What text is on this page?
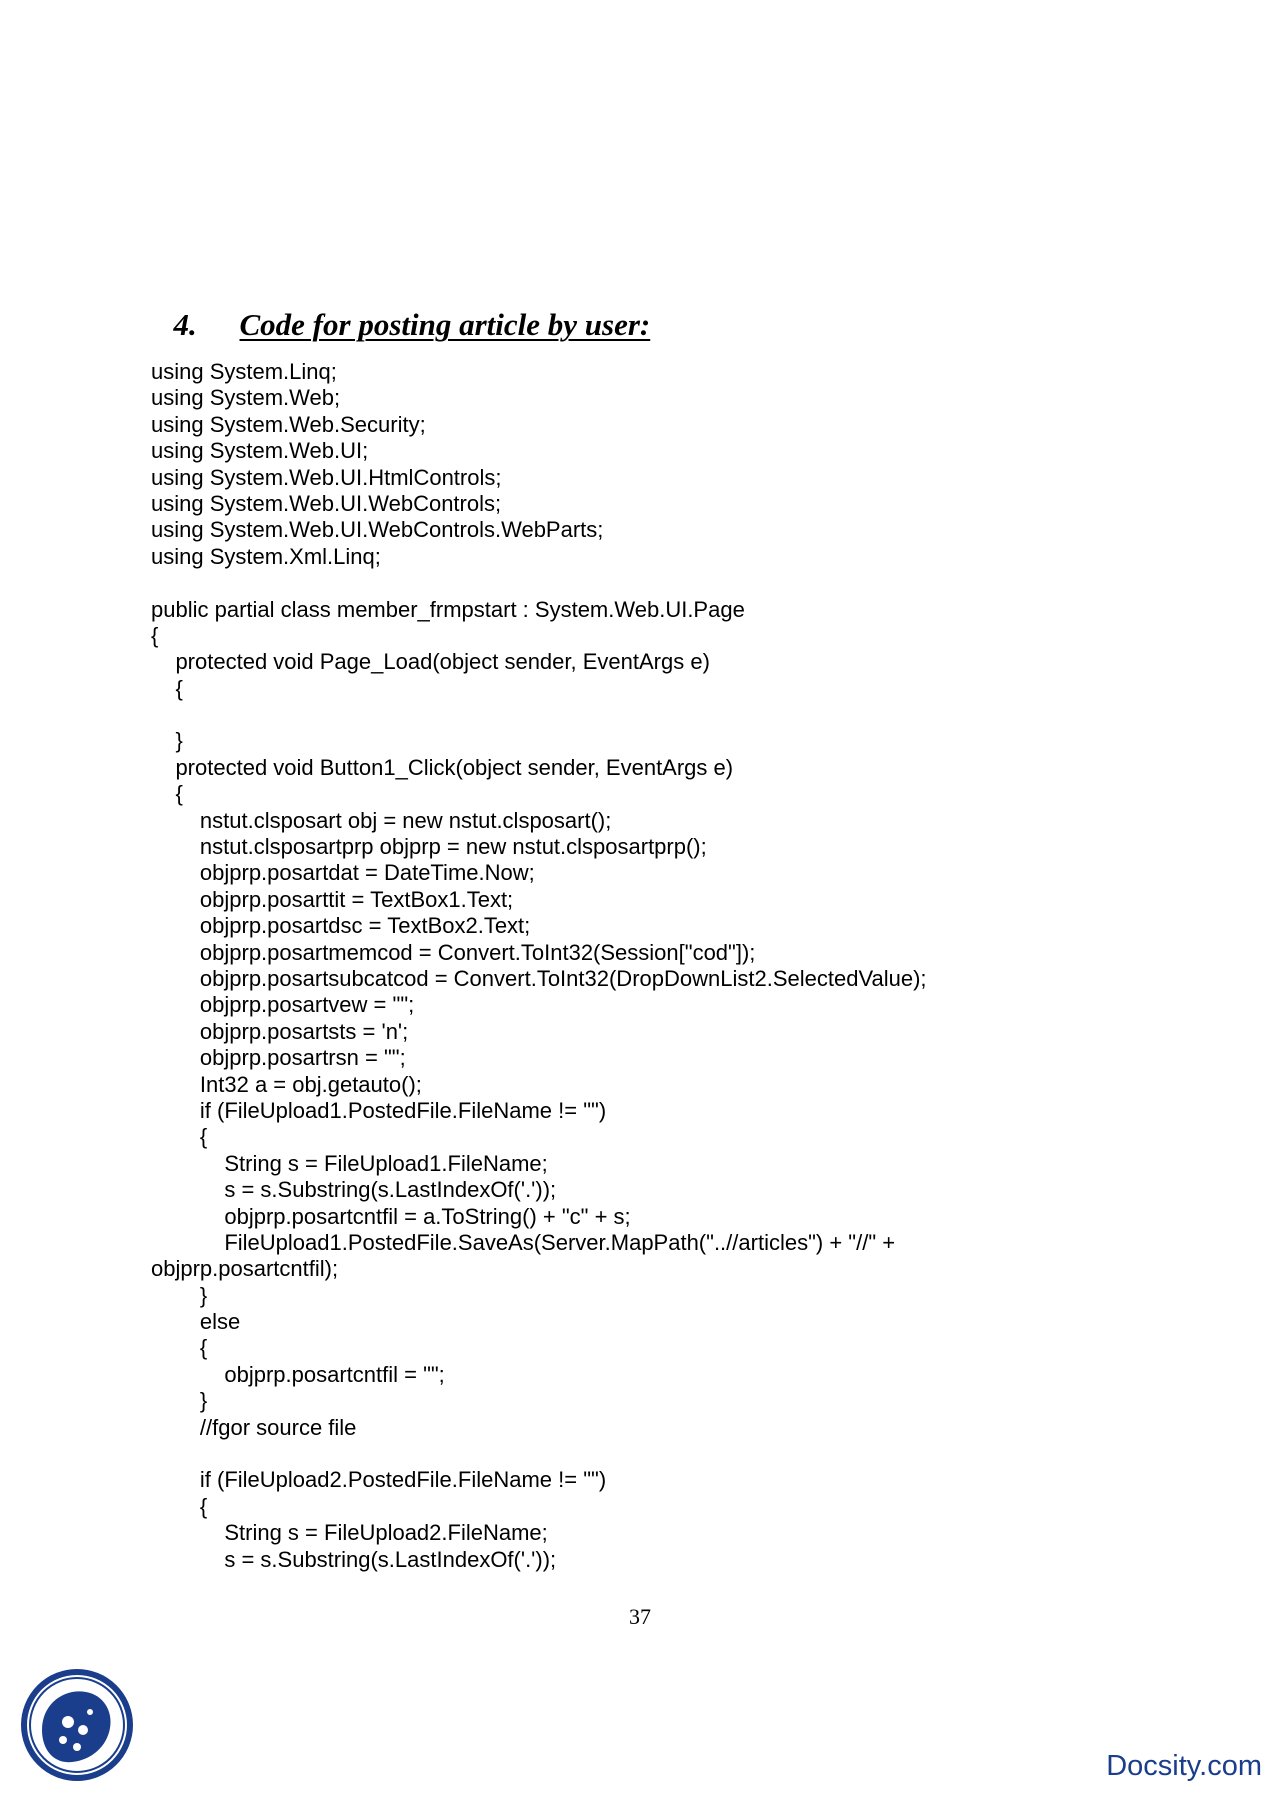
4. Code for posting article by user:

using System.Linq;
using System.Web;
using System.Web.Security;
using System.Web.UI;
using System.Web.UI.HtmlControls;
using System.Web.UI.WebControls;
using System.Web.UI.WebControls.WebParts;
using System.Xml.Linq;
public partial class member_frmpstart : System.Web.UI.Page
{
protected void Page_Load(object sender, EventArgs e)
{
}
protected void Button1_Click(object sender, EventArgs e)
{
nstut.clsposart obj = new nstut.clsposart();
nstut.clsposartprp objprp = new nstut.clsposartprp();
objprp.posartdat = DateTime.Now;
objprp.posarttit = TextBox1.Text;
objprp.posartdsc = TextBox2.Text;
objprp.posartmemcod = Convert.ToInt32(Session["cod"]);
objprp.posartsubcatcod = Convert.ToInt32(DropDownList2.SelectedValue);
objprp.posartvew = "";
objprp.posartsts = 'n';
objprp.posartrsn = "";
Int32 a = obj.getauto();
if (FileUpload1.PostedFile.FileName != "")
{
String s = FileUpload1.FileName;
s = s.Substring(s.LastIndexOf('.'));
objprp.posartcntfil = a.ToString() + "c" + s;
FileUpload1.PostedFile.SaveAs(Server.MapPath("..//articles") + "//" +
objprp.posartcntfil);
}
else
{
objprp.posartcntfil = "";
}
//fgor source file
if (FileUpload2.PostedFile.FileName != "")
{
String s = FileUpload2.FileName;
s = s.Substring(s.LastIndexOf('.'));
37
Docsity.com
